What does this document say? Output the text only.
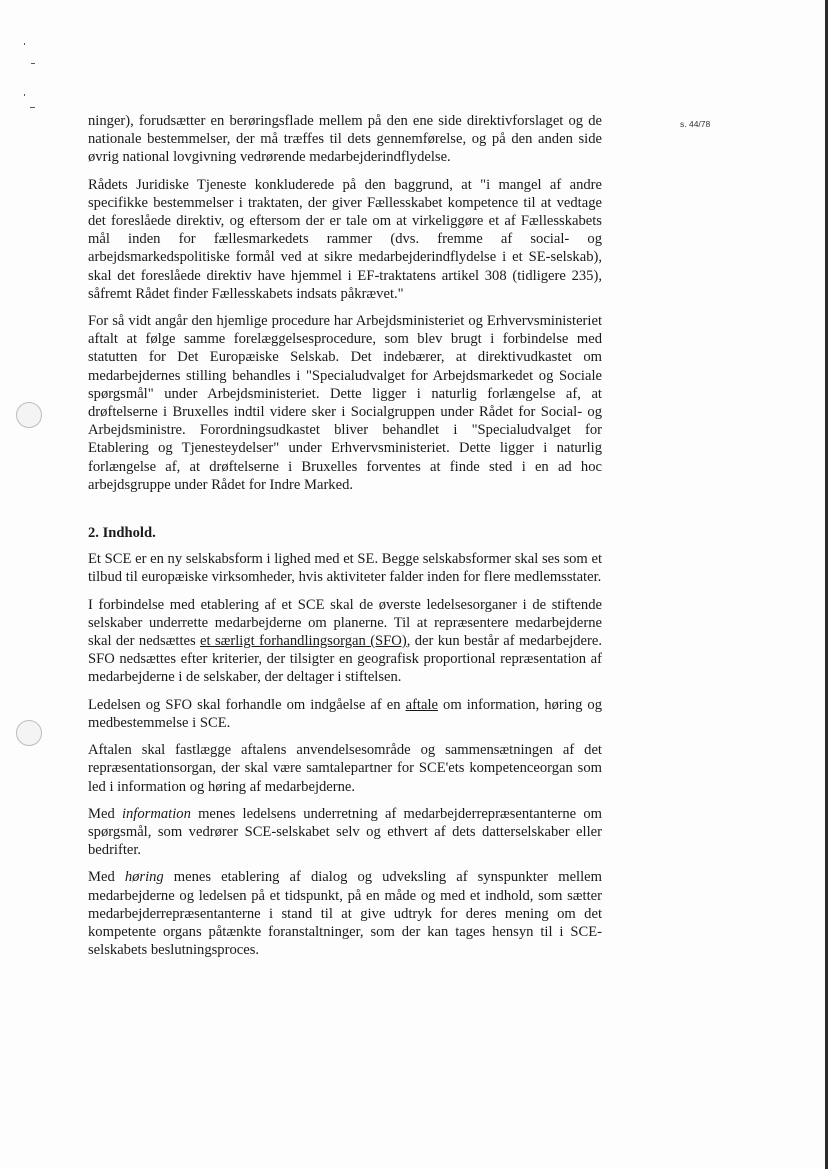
s. 44/78

ninger), forudsætter en berøringsflade mellem på den ene side direktivforslaget og de nationale bestemmelser, der må træffes til dets gennemførelse, og på den anden side øvrig national lovgivning vedrørende medarbejderindflydelse.

Rådets Juridiske Tjeneste konkluderede på den baggrund, at "i mangel af andre specifikke bestemmelser i traktaten, der giver Fællesskabet kompetence til at vedtage det foreslåede direktiv, og eftersom der er tale om at virkeliggøre et af Fællesskabets mål inden for fællesmarkedets rammer (dvs. fremme af social- og arbejdsmarkedspolitiske formål ved at sikre medarbejderindflydelse i et SE-selskab), skal det foreslåede direktiv have hjemmel i EF-traktatens artikel 308 (tidligere 235), såfremt Rådet finder Fællesskabets indsats påkrævet."

For så vidt angår den hjemlige procedure har Arbejdsministeriet og Erhvervsministeriet aftalt at følge samme forelæggelsesprocedure, som blev brugt i forbindelse med statutten for Det Europæiske Selskab. Det indebærer, at direktivudkastet om medarbejdernes stilling behandles i "Specialudvalget for Arbejdsmarkedet og Sociale spørgsmål" under Arbejdsministeriet. Dette ligger i naturlig forlængelse af, at drøftelserne i Bruxelles indtil videre sker i Socialgruppen under Rådet for Social- og Arbejdsministre. Forordningsudkastet bliver behandlet i "Specialudvalget for Etablering og Tjenesteydelser" under Erhvervsministeriet. Dette ligger i naturlig forlængelse af, at drøftelserne i Bruxelles forventes at finde sted i en ad hoc arbejdsgruppe under Rådet for Indre Marked.

2. Indhold.

Et SCE er en ny selskabsform i lighed med et SE. Begge selskabsformer skal ses som et tilbud til europæiske virksomheder, hvis aktiviteter falder inden for flere medlemsstater.

I forbindelse med etablering af et SCE skal de øverste ledelsesorganer i de stiftende selskaber underrette medarbejderne om planerne. Til at repræsentere medarbejderne skal der nedsættes et særligt forhandlingsorgan (SFO), der kun består af medarbejdere. SFO nedsættes efter kriterier, der tilsigter en geografisk proportional repræsentation af medarbejderne i de selskaber, der deltager i stiftelsen.

Ledelsen og SFO skal forhandle om indgåelse af en aftale om information, høring og medbestemmelse i SCE.

Aftalen skal fastlægge aftalens anvendelsesområde og sammensætningen af det repræsentationsorgan, der skal være samtalepartner for SCE'ets kompetenceorgan som led i information og høring af medarbejderne.

Med information menes ledelsens underretning af medarbejderrepræsentanterne om spørgsmål, som vedrører SCE-selskabet selv og ethvert af dets datterselskaber eller bedrifter.

Med høring menes etablering af dialog og udveksling af synspunkter mellem medarbejderne og ledelsen på et tidspunkt, på en måde og med et indhold, som sætter medarbejderrepræsentanterne i stand til at give udtryk for deres mening om det kompetente organs påtænkte foranstaltninger, som der kan tages hensyn til i SCE-selskabets beslutningsproces.
